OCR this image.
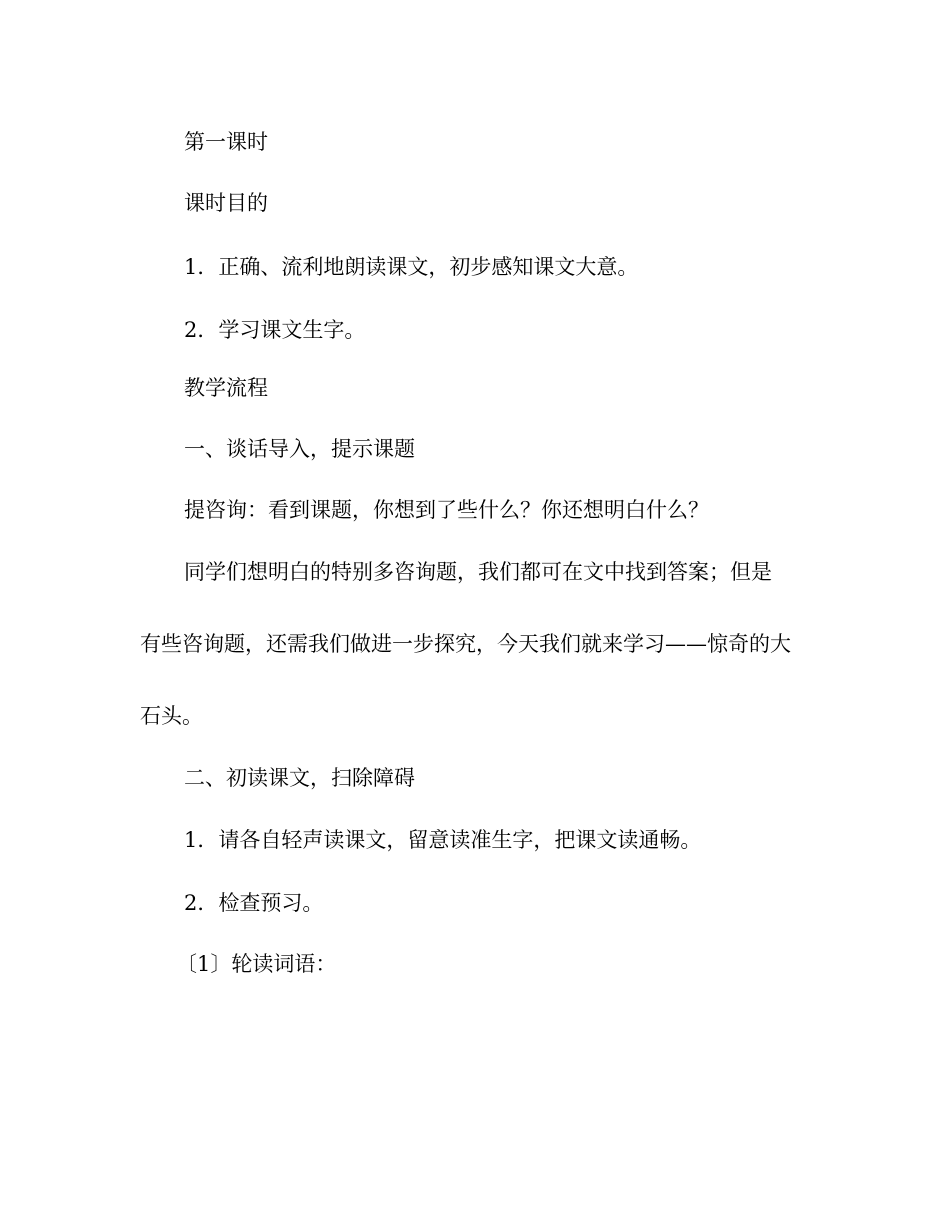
第一课时
课时目的
1．正确、流利地朗读课文，初步感知课文大意。
2．学习课文生字。
教学流程
一、谈话导入，提示课题
提咨询：看到课题，你想到了些什么？你还想明白什么？
同学们想明白的特别多咨询题，我们都可在文中找到答案；但是
有些咨询题，还需我们做进一步探究，今天我们就来学习——惊奇的大
石头。
二、初读课文，扫除障碍
1．请各自轻声读课文，留意读准生字，把课文读通畅。
2．检查预习。
〔1〕轮读词语：
